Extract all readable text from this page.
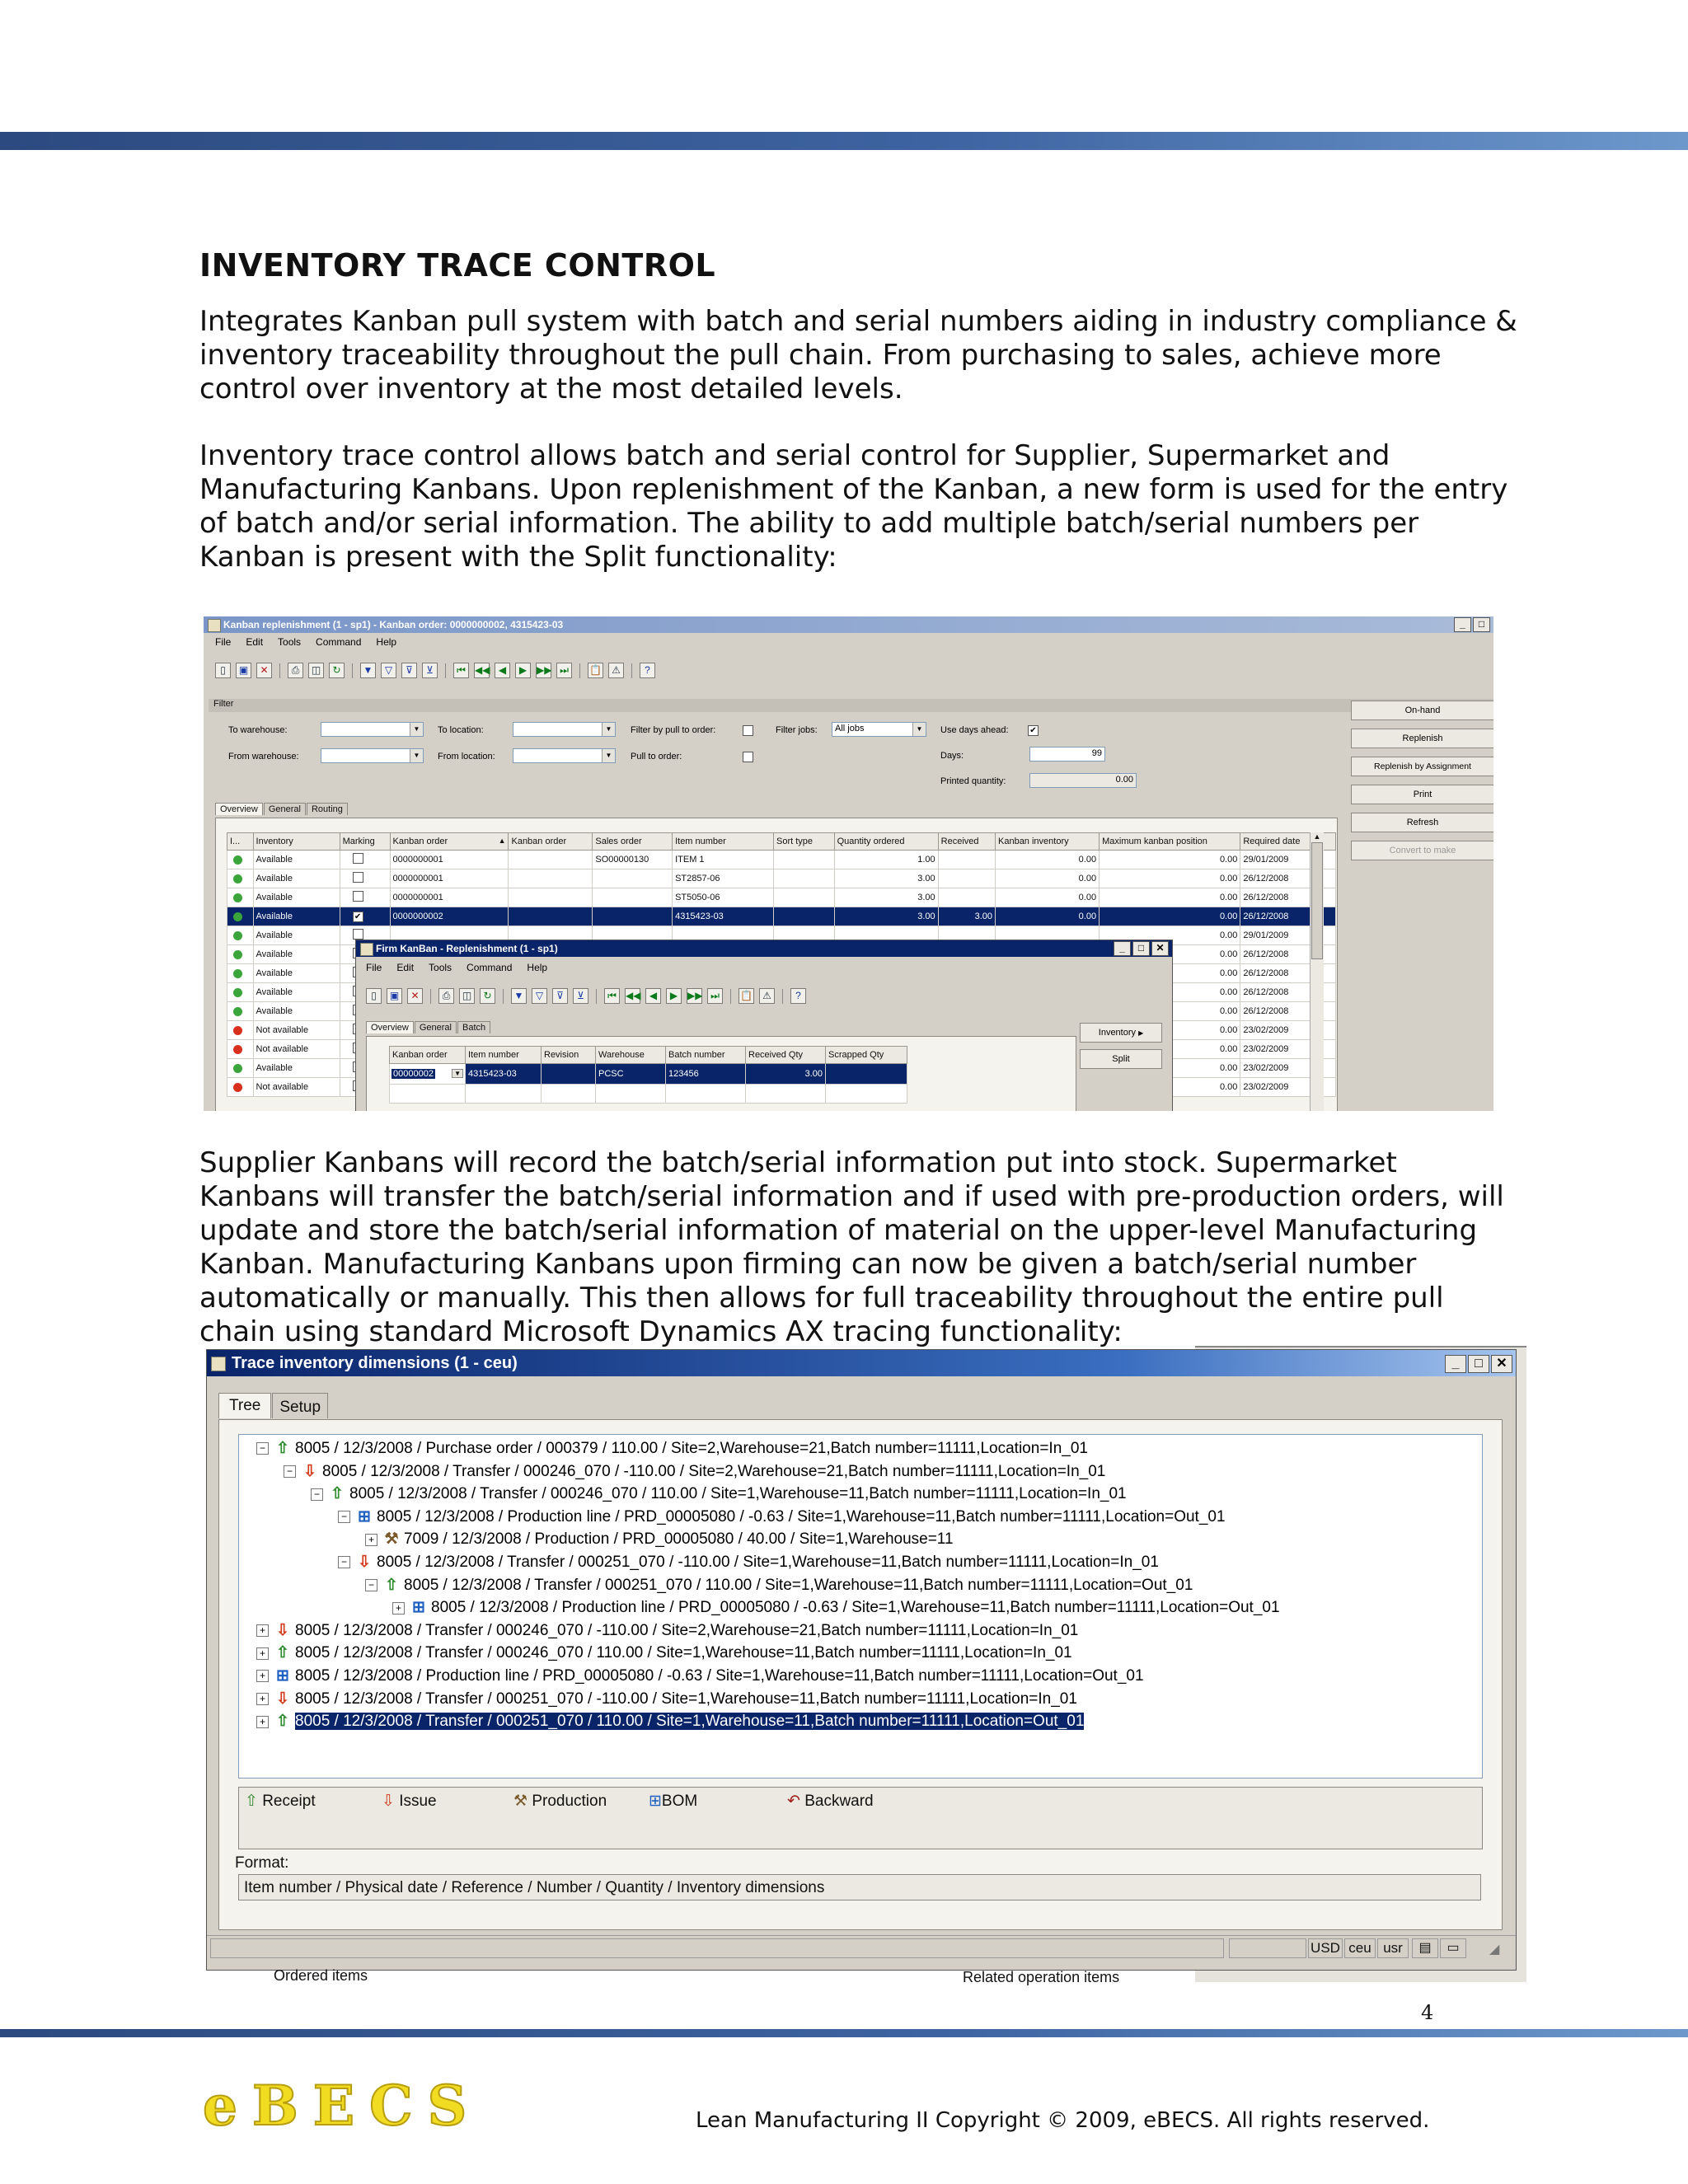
INVENTORY TRACE CONTROL

Integrates Kanban pull system with batch and serial numbers aiding in industry compliance & inventory traceability throughout the pull chain. From purchasing to sales, achieve more control over inventory at the most detailed levels.

Inventory trace control allows batch and serial control for Supplier, Supermarket and Manufacturing Kanbans. Upon replenishment of the Kanban, a new form is used for the entry of batch and/or serial information. The ability to add multiple batch/serial numbers per Kanban is present with the Split functionality:

Kanban replenishment (1 - sp1) - Kanban order: 0000000002, 4315423-03	_	□
File Edit Tools Command Help
▯	▣	✕	⎙	◫	↻	▼	▽	⊽	⊻	⏮ ◀◀ ◀	▶ ▶▶ ⏭	📋	⚠	?
Filter
To warehouse:	▼
From warehouse:	▼
To location:	▼
From location:	▼
Filter by pull to order:
Pull to order:
Filter jobs:	All jobs	▼	Use days ahead:	✔
Days:	99
Printed quantity:	0.00
On-hand
Replenish
Replenish by Assignment
Print
Refresh
Convert to make
Overview	General	Routing
I...	Inventory	Marking	Kanban order ▲	Kanban order	Sales order	Item number	Sort type	Quantity ordered	Received	Kanban inventory	Maximum kanban position	Required date
	Available		0000000001		SO00000130	ITEM 1		1.00		0.00	0.00	29/01/2009
	Available		0000000001			ST2857-06		3.00		0.00	0.00	26/12/2008
	Available		0000000001			ST5050-06		3.00		0.00	0.00	26/12/2008
	Available	✔	0000000002			4315423-03		3.00	3.00	0.00	0.00	26/12/2008
	Available										0.00	29/01/2009
	Available										0.00	26/12/2008
	Available										0.00	26/12/2008
	Available										0.00	26/12/2008
	Available										0.00	26/12/2008
	Not available										0.00	23/02/2009
	Not available										0.00	23/02/2009
	Available										0.00	23/02/2009
	Not available										0.00	23/02/2009
▲
Firm KanBan - Replenishment (1 - sp1)	_	□	✕
File Edit Tools Command Help
▯	▣	✕	⎙	◫	↻	▼	▽	⊽	⊻	⏮ ◀◀ ◀	▶ ▶▶ ⏭	📋	⚠	?
Overview	General	Batch
Kanban order	Item number	Revision	Warehouse	Batch number	Received Qty	Scrapped Qty
00000002 ▼	4315423-03		PCSC	123456	3.00	

Inventory ▶
Split

Supplier Kanbans will record the batch/serial information put into stock. Supermarket Kanbans will transfer the batch/serial information and if used with pre-production orders, will update and store the batch/serial information of material on the upper-level Manufacturing Kanban. Manufacturing Kanbans upon firming can now be given a batch/serial number automatically or manually. This then allows for full traceability throughout the entire pull chain using standard Microsoft Dynamics AX tracing functionality:

Trace inventory dimensions (1 - ceu)	_	□	✕
Tree	Setup
− ⇧ 8005 / 12/3/2008 / Purchase order / 000379 / 110.00 / Site=2,Warehouse=21,Batch number=11111,Location=In_01
− ⇩ 8005 / 12/3/2008 / Transfer / 000246_070 / -110.00 / Site=2,Warehouse=21,Batch number=11111,Location=In_01
− ⇧ 8005 / 12/3/2008 / Transfer / 000246_070 / 110.00 / Site=1,Warehouse=11,Batch number=11111,Location=In_01
− ⊞ 8005 / 12/3/2008 / Production line / PRD_00005080 / -0.63 / Site=1,Warehouse=11,Batch number=11111,Location=Out_01
+ ⚒ 7009 / 12/3/2008 / Production / PRD_00005080 / 40.00 / Site=1,Warehouse=11
− ⇩ 8005 / 12/3/2008 / Transfer / 000251_070 / -110.00 / Site=1,Warehouse=11,Batch number=11111,Location=In_01
− ⇧ 8005 / 12/3/2008 / Transfer / 000251_070 / 110.00 / Site=1,Warehouse=11,Batch number=11111,Location=Out_01
+ ⊞ 8005 / 12/3/2008 / Production line / PRD_00005080 / -0.63 / Site=1,Warehouse=11,Batch number=11111,Location=Out_01
+ ⇩ 8005 / 12/3/2008 / Transfer / 000246_070 / -110.00 / Site=2,Warehouse=21,Batch number=11111,Location=In_01
+ ⇧ 8005 / 12/3/2008 / Transfer / 000246_070 / 110.00 / Site=1,Warehouse=11,Batch number=11111,Location=In_01
+ ⊞ 8005 / 12/3/2008 / Production line / PRD_00005080 / -0.63 / Site=1,Warehouse=11,Batch number=11111,Location=Out_01
+ ⇩ 8005 / 12/3/2008 / Transfer / 000251_070 / -110.00 / Site=1,Warehouse=11,Batch number=11111,Location=In_01
+ ⇧ 8005 / 12/3/2008 / Transfer / 000251_070 / 110.00 / Site=1,Warehouse=11,Batch number=11111,Location=Out_01
⇧ Receipt	⇩ Issue	⚒ Production	⊞BOM	↶ Backward
Format:
Item number / Physical date / Reference / Number / Quantity / Inventory dimensions
USD ceu usr	▤	▭	◢
Ordered items	Related operation items
4
eBECS	Lean Manufacturing II Copyright © 2009, eBECS. All rights reserved.
